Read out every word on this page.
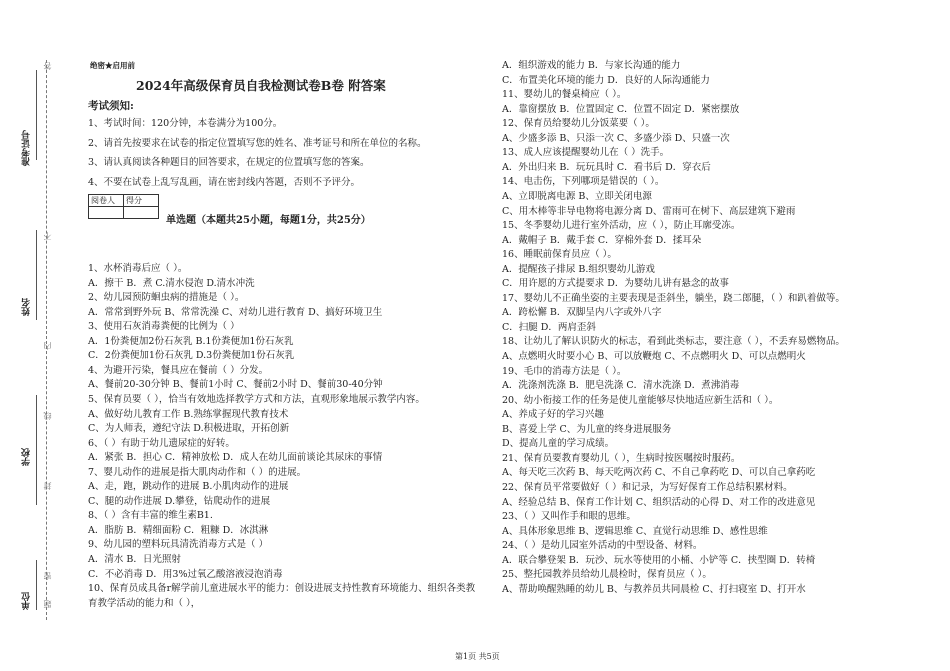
准考证号
姓名
学校
单位
答
不
内
线
封
密
题
绝密★启用前
2024年高级保育员自我检测试卷B卷 附答案
考试须知:
1、考试时间：120分钟，本卷满分为100分。
2、请首先按要求在试卷的指定位置填写您的姓名、准考证号和所在单位的名称。
3、请认真阅读各种题目的回答要求，在规定的位置填写您的答案。
4、不要在试卷上乱写乱画，请在密封线内答题，否则不予评分。
阅卷人	得分

单选题（本题共25小题，每题1分，共25分）
1、水杯消毒后应（ ）。
A．擦干 B．煮 C.清水侵泡 D.清水冲洗
2、幼儿园预防蛔虫病的措施是（ ）。
A．常常到野外玩 B、常常洗澡 C、对幼儿进行教育 D、搞好环境卫生
3、使用石灰消毒粪便的比例为（ ）
A．1份粪便加2份石灰乳 B.1份粪便加1份石灰乳
C．2份粪便加1份石灰乳 D.3份粪便加1份石灰乳
4、为避开污染，餐具应在餐前（ ）分发。
A、餐前20-30分钟 B、餐前1小时 C、餐前2小时 D、餐前30-40分钟
5、保育员要（ ），恰当有效地选择教学方式和方法，直观形象地展示教学内容。
A、做好幼儿教育工作 B.熟练掌握现代教育技术
C、为人师表，遵纪守法 D.积极进取，开拓创新
6、（ ）有助于幼儿遗尿症的好转。
A．紧张 B．担心 C．精神放松 D．成人在幼儿面前谈论其尿床的事情
7、婴儿动作的进展是指大肌肉动作和（ ）的进展。
A、走，跑，跳动作的进展 B.小肌肉动作的进展
C、腿的动作进展 D.攀登，钻爬动作的进展
8、（ ）含有丰富的维生素B1.
A．脂肪 B．精细面粉 C．粗糠 D．冰淇淋
9、幼儿园的塑料玩具清洗消毒方式是（ ）
A．清水 B．日光照射
C．不必消毒 D．用3%过氧乙酸溶液浸泡消毒
10、保育员成具备r解学前儿童进展水平的能力：创设进展支持性教育环境能力、组织各类教
育教学活动的能力和（ ），
A．组织游戏的能力 B．与家长沟通的能力
C．布置美化环境的能力 D．良好的人际沟通能力
11、婴幼儿的餐桌椅应（ ）。
A．靠窗摆放 B．位置固定 C．位置不固定 D．紧密摆放
12、保育员给婴幼儿分饭菜要（ ）。
A、少盛多添 B、只添一次 C、多盛少添 D、只盛一次
13、成人应该提醒婴幼儿在（ ）洗手。
A．外出归来 B．玩玩具时 C．看书后 D．穿衣后
14、电击伤，下列哪项是错误的（ ）。
A、立即脱离电源 B、立即关闭电源
C、用木棒等非导电物将电源分离 D、雷雨可在树下、高层建筑下避雨
15、冬季婴幼儿进行室外活动，应（ ），防止耳廓受冻。
A．戴帽子 B．戴手套 C．穿棉外套 D．揉耳朵
16、睡眠前保育员应（ ）。
A．提醒孩子排尿 B.组织婴幼儿游戏
C．用许愿的方式提要求 D．为婴幼儿讲有悬念的故事
17、婴幼儿不正确坐姿的主要表现是歪斜坐，躺坐，跷二郎腿，（ ）和趴着做等。
A．跨松懈 B．双脚呈内八字或外八字
C．扫腿 D．两肩歪斜
18、让幼儿了解认识防火的标志，看到此类标志，要注意（ ），不丢弃易燃物品。
A、点燃明火时要小心 B、可以放鞭炮 C、不点燃明火 D、可以点燃明火
19、毛巾的消毒方法是（ ）。
A．洗涤剂洗涤 B．肥皂洗涤 C．清水洗涤 D．煮沸消毒
20、幼小衔接工作的任务是使儿童能够尽快地适应新生活和（ ）。
A、养成子好的学习兴趣
B、喜爱上学 C、为儿童的终身进展服务
D、提高儿童的学习成绩。
21、保育员要教育婴幼儿（ ），生病时按医嘱按时服药。
A、每天吃三次药 B、每天吃两次药 C、不自己拿药吃 D、可以自己拿药吃
22、保育员平常要做好（ ）和记录，为写好保育工作总结积累材料。
A、经验总结 B、保育工作计划 C、组织活动的心得 D、对工作的改进意见
23、（ ）又叫作手和眼的思维。
A、具体形象思维 B、逻辑思维 C、直觉行动思维 D、感性思维
24、（ ）是幼儿园室外活动的中型设备、材料。
A．联合攀登架 B．玩沙、玩水等使用的小桶、小铲等 C．挟型圈 D．转椅
25、整托园教养员给幼儿晨检时，保育员应（ ）。
A、帮助唤醒熟睡的幼儿 B、与教养员共同晨检 C、打扫寝室 D、打开水
第1页 共5页
